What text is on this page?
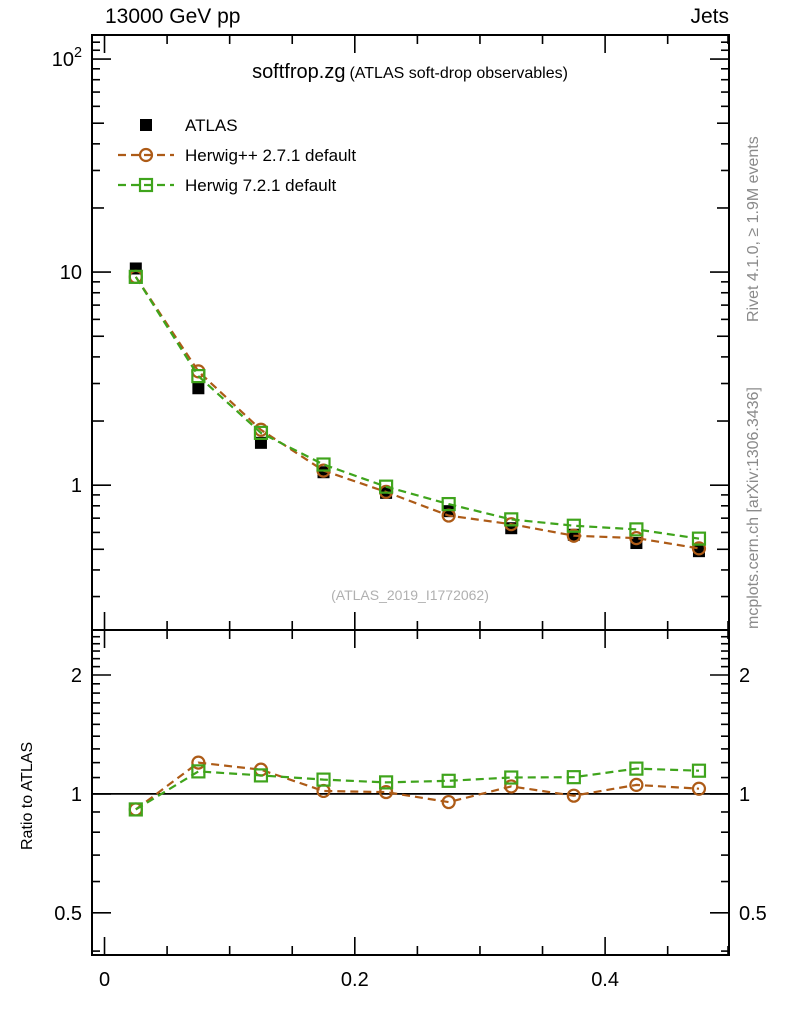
13000 GeV pp	Jets
0	0.2	0.4
1
10
$10^2$
0.5	0.5
1	1
2	2
softfrop.zg (ATLAS soft-drop observables)
ATLAS
Herwig++ 2.7.1 default
Herwig 7.2.1 default
(ATLAS_2019_I1772062)
Ratio to ATLAS
Rivet 4.1.0, ≥ 1.9M events
mcplots.cern.ch [arXiv:1306.3436]
